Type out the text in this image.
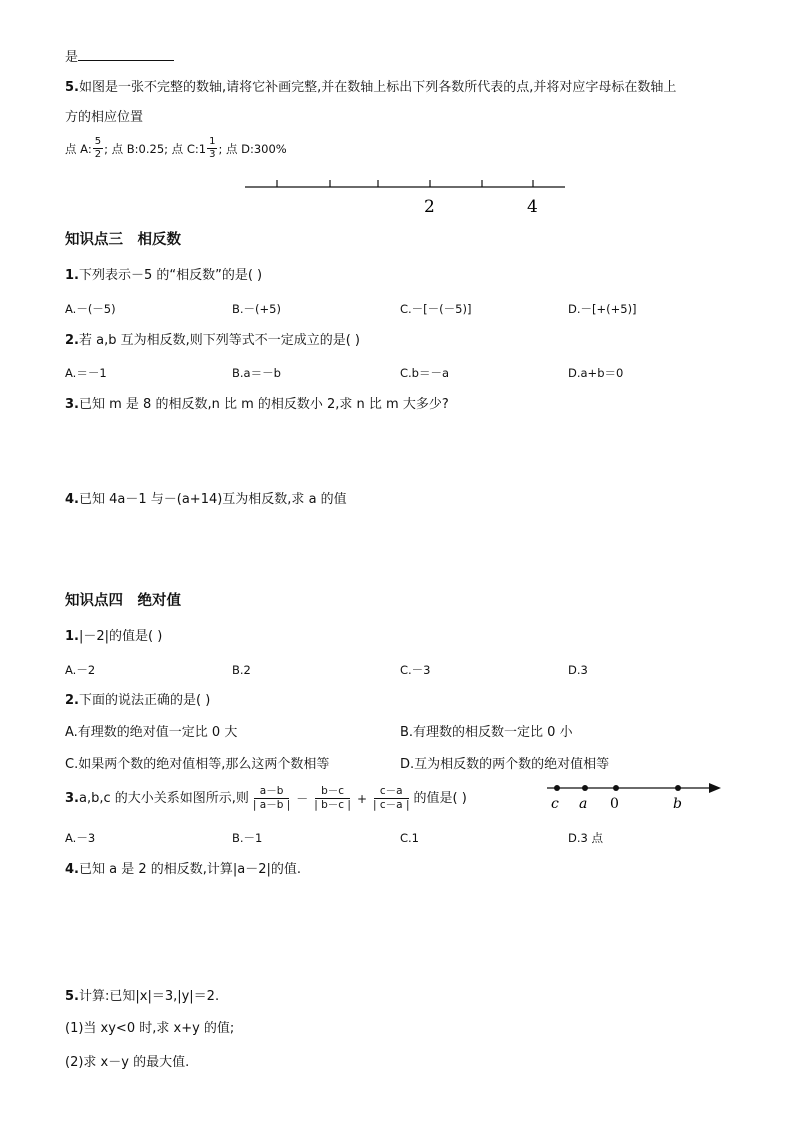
是
5.如图是一张不完整的数轴,请将它补画完整,并在数轴上标出下列各数所代表的点,并将对应字母标在数轴上
方的相应位置
点 A: $\frac{5}{2}$ ; 点 B:0.25; 点 C: $1 \frac{1}{3}$ ; 点 D:300%
2	4
知识点三　相反数
1.下列表示－5 的“相反数”的是( )
A.－(－5)	B.－(+5)	C.－[－(－5)]	D.－[+(+5)]
2.若 a,b 互为相反数,则下列等式不一定成立的是( )
A.＝－1	B.a＝－b	C.b＝－a	D.a+b＝0
3.已知 m 是 8 的相反数,n 比 m 的相反数小 2,求 n 比 m 大多少?
4.已知 4a－1 与－(a+14)互为相反数,求 a 的值
知识点四　绝对值
1.|－2|的值是( )
A.－2	B.2	C.－3	D.3
2.下面的说法正确的是( )
A.有理数的绝对值一定比 0 大	B.有理数的相反数一定比 0 小
C.如果两个数的绝对值相等,那么这两个数相等	D.互为相反数的两个数的绝对值相等
3. a,b,c 的大小关系如图所示,则 $\frac{a-b}{| a-b |} - \frac{b-c}{| b-c |} + \frac{c-a}{| c-a |}$ 的值是( )	c a 0	b
A.－3	B.－1	C.1	D.3 点
4.已知 a 是 2 的相反数,计算|a－2|的值.
5.计算:已知|x|＝3,|y|＝2.
(1)当 xy<0 时,求 x+y 的值;
(2)求 x－y 的最大值.
